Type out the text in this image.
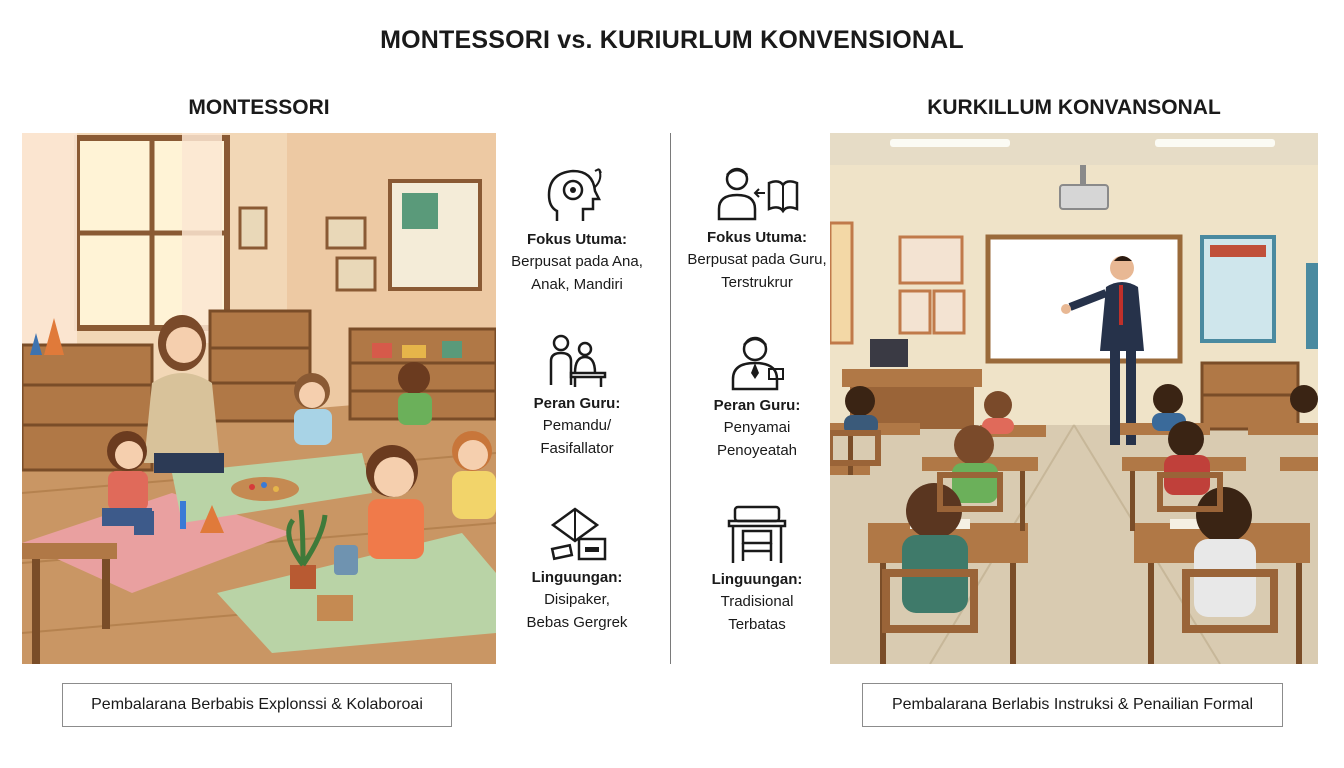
MONTESSORI vs. KURIURLUM KONVENSIONAL
MONTESSORI	KURKILLUM KONVANSONAL
Fokus Utuma:
Berpusat pada Ana,
Anak, Mandiri
Peran Guru:
Pemandu/
Fasifallator
Linguungan:
Disipaker,
Bebas Gergrek
Fokus Utuma:
Berpusat pada Guru,
Terstrukrur
Peran Guru:
Penyamai
Penoyeatah
Linguungan:
Tradisional
Terbatas
Pembalarana Berbabis Explonssi & Kolaboroai	Pembalarana Berlabis Instruksi & Penailian Formal
